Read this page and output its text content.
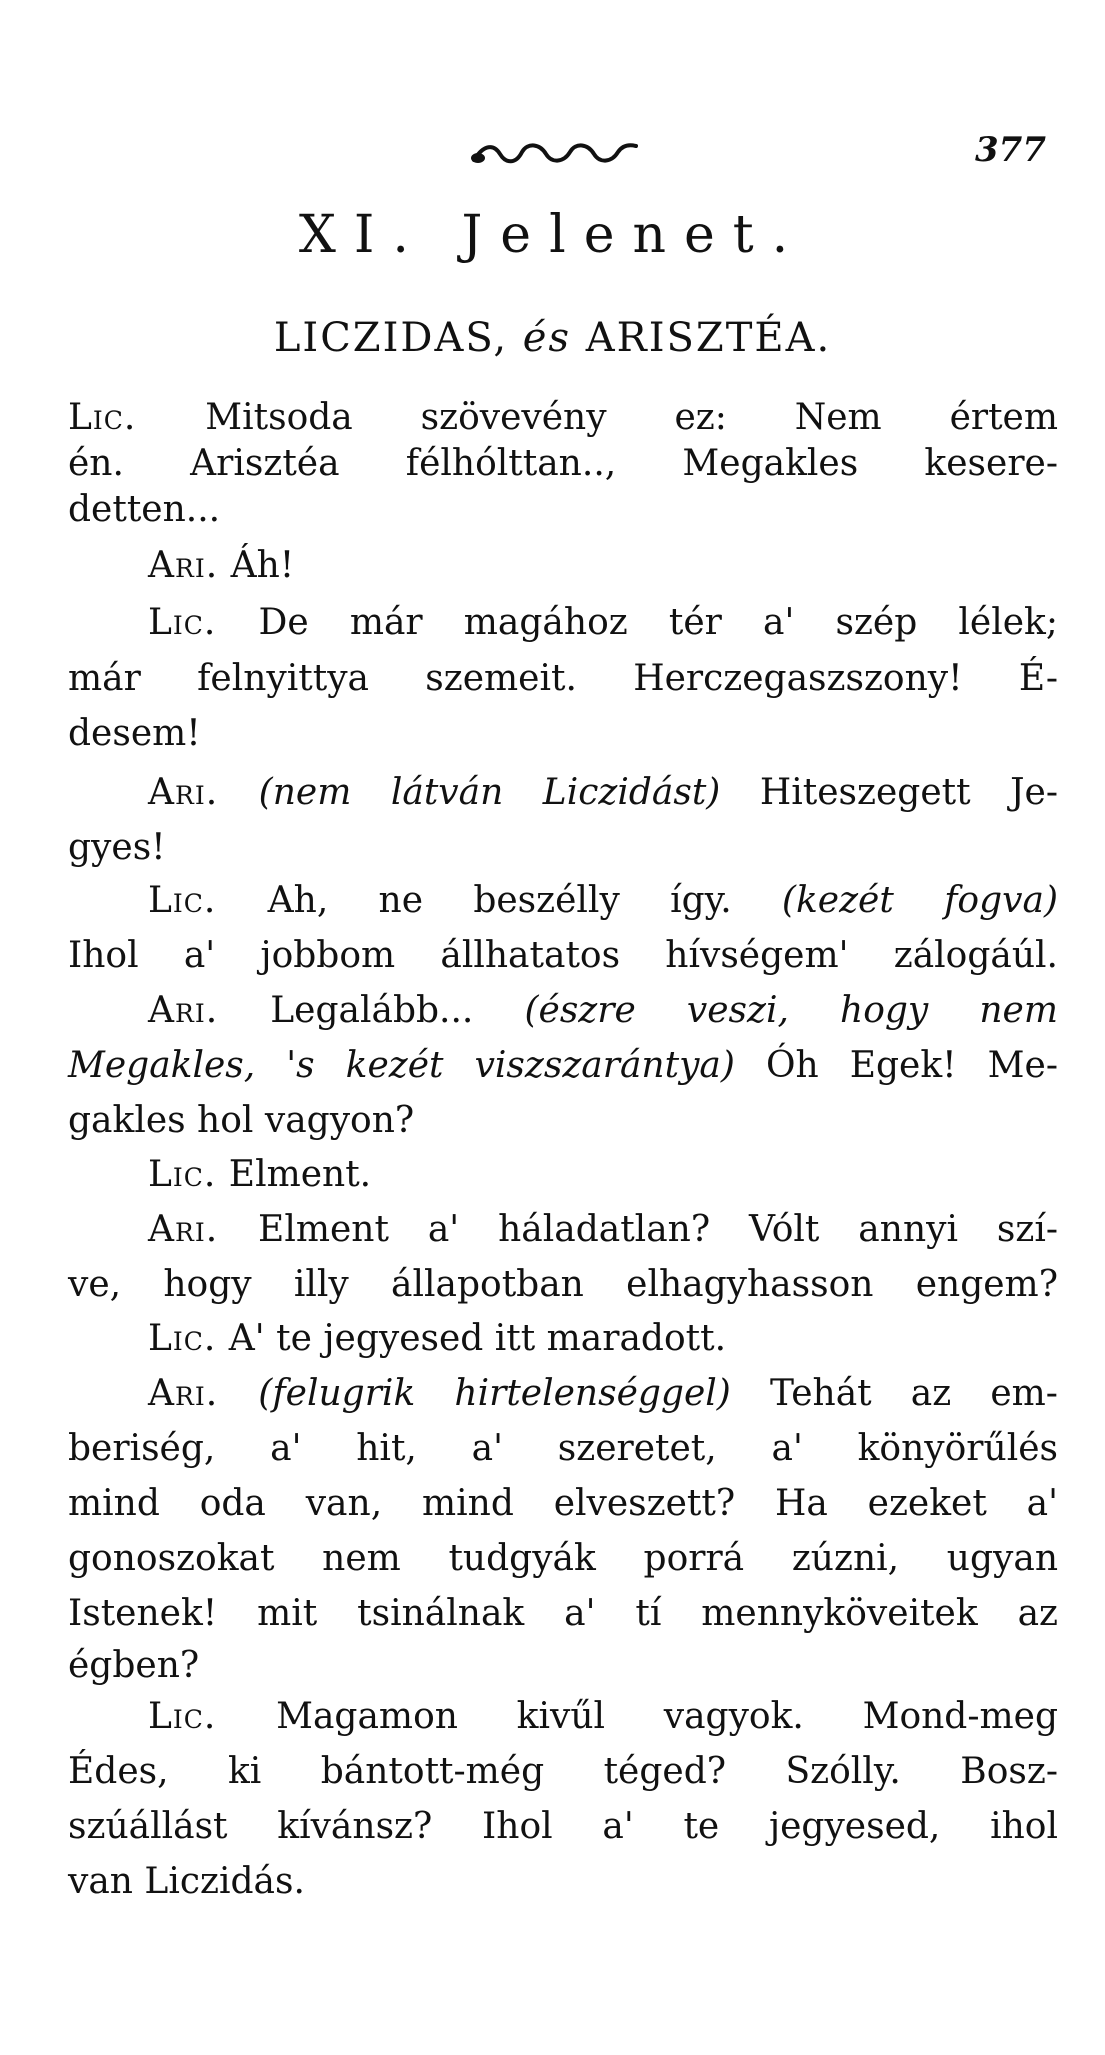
377
XI. Jelenet.
LICZIDAS, és ARISZTÉA.
Lic. Mitsoda szövevény ez: Nem értem
én. Arisztéa félhólttan.., Megakles kesere-
detten...
Ari. Áh!
Lic. De már magához tér a' szép lélek;
már felnyittya szemeit. Herczegaszszony! É-
desem!
Ari. (nem látván Liczidást) Hiteszegett Je-
gyes!
Lic. Ah, ne beszélly így. (kezét fogva)
Ihol a' jobbom állhatatos hívségem' zálogáúl.
Ari. Legalább... (észre veszi, hogy nem
Megakles, 's kezét viszszarántya) Óh Egek! Me-
gakles hol vagyon?
Lic. Elment.
Ari. Elment a' háladatlan? Vólt annyi szí-
ve, hogy illy állapotban elhagyhasson engem?
Lic. A' te jegyesed itt maradott.
Ari. (felugrik hirtelenséggel) Tehát az em-
beriség, a' hit, a' szeretet, a' könyörűlés
mind oda van, mind elveszett? Ha ezeket a'
gonoszokat nem tudgyák porrá zúzni, ugyan
Istenek! mit tsinálnak a' tí mennyköveitek az
égben?
Lic. Magamon kivűl vagyok. Mond-meg
Édes, ki bántott-még téged? Szólly. Bosz-
szúállást kívánsz? Ihol a' te jegyesed, ihol
van Liczidás.
